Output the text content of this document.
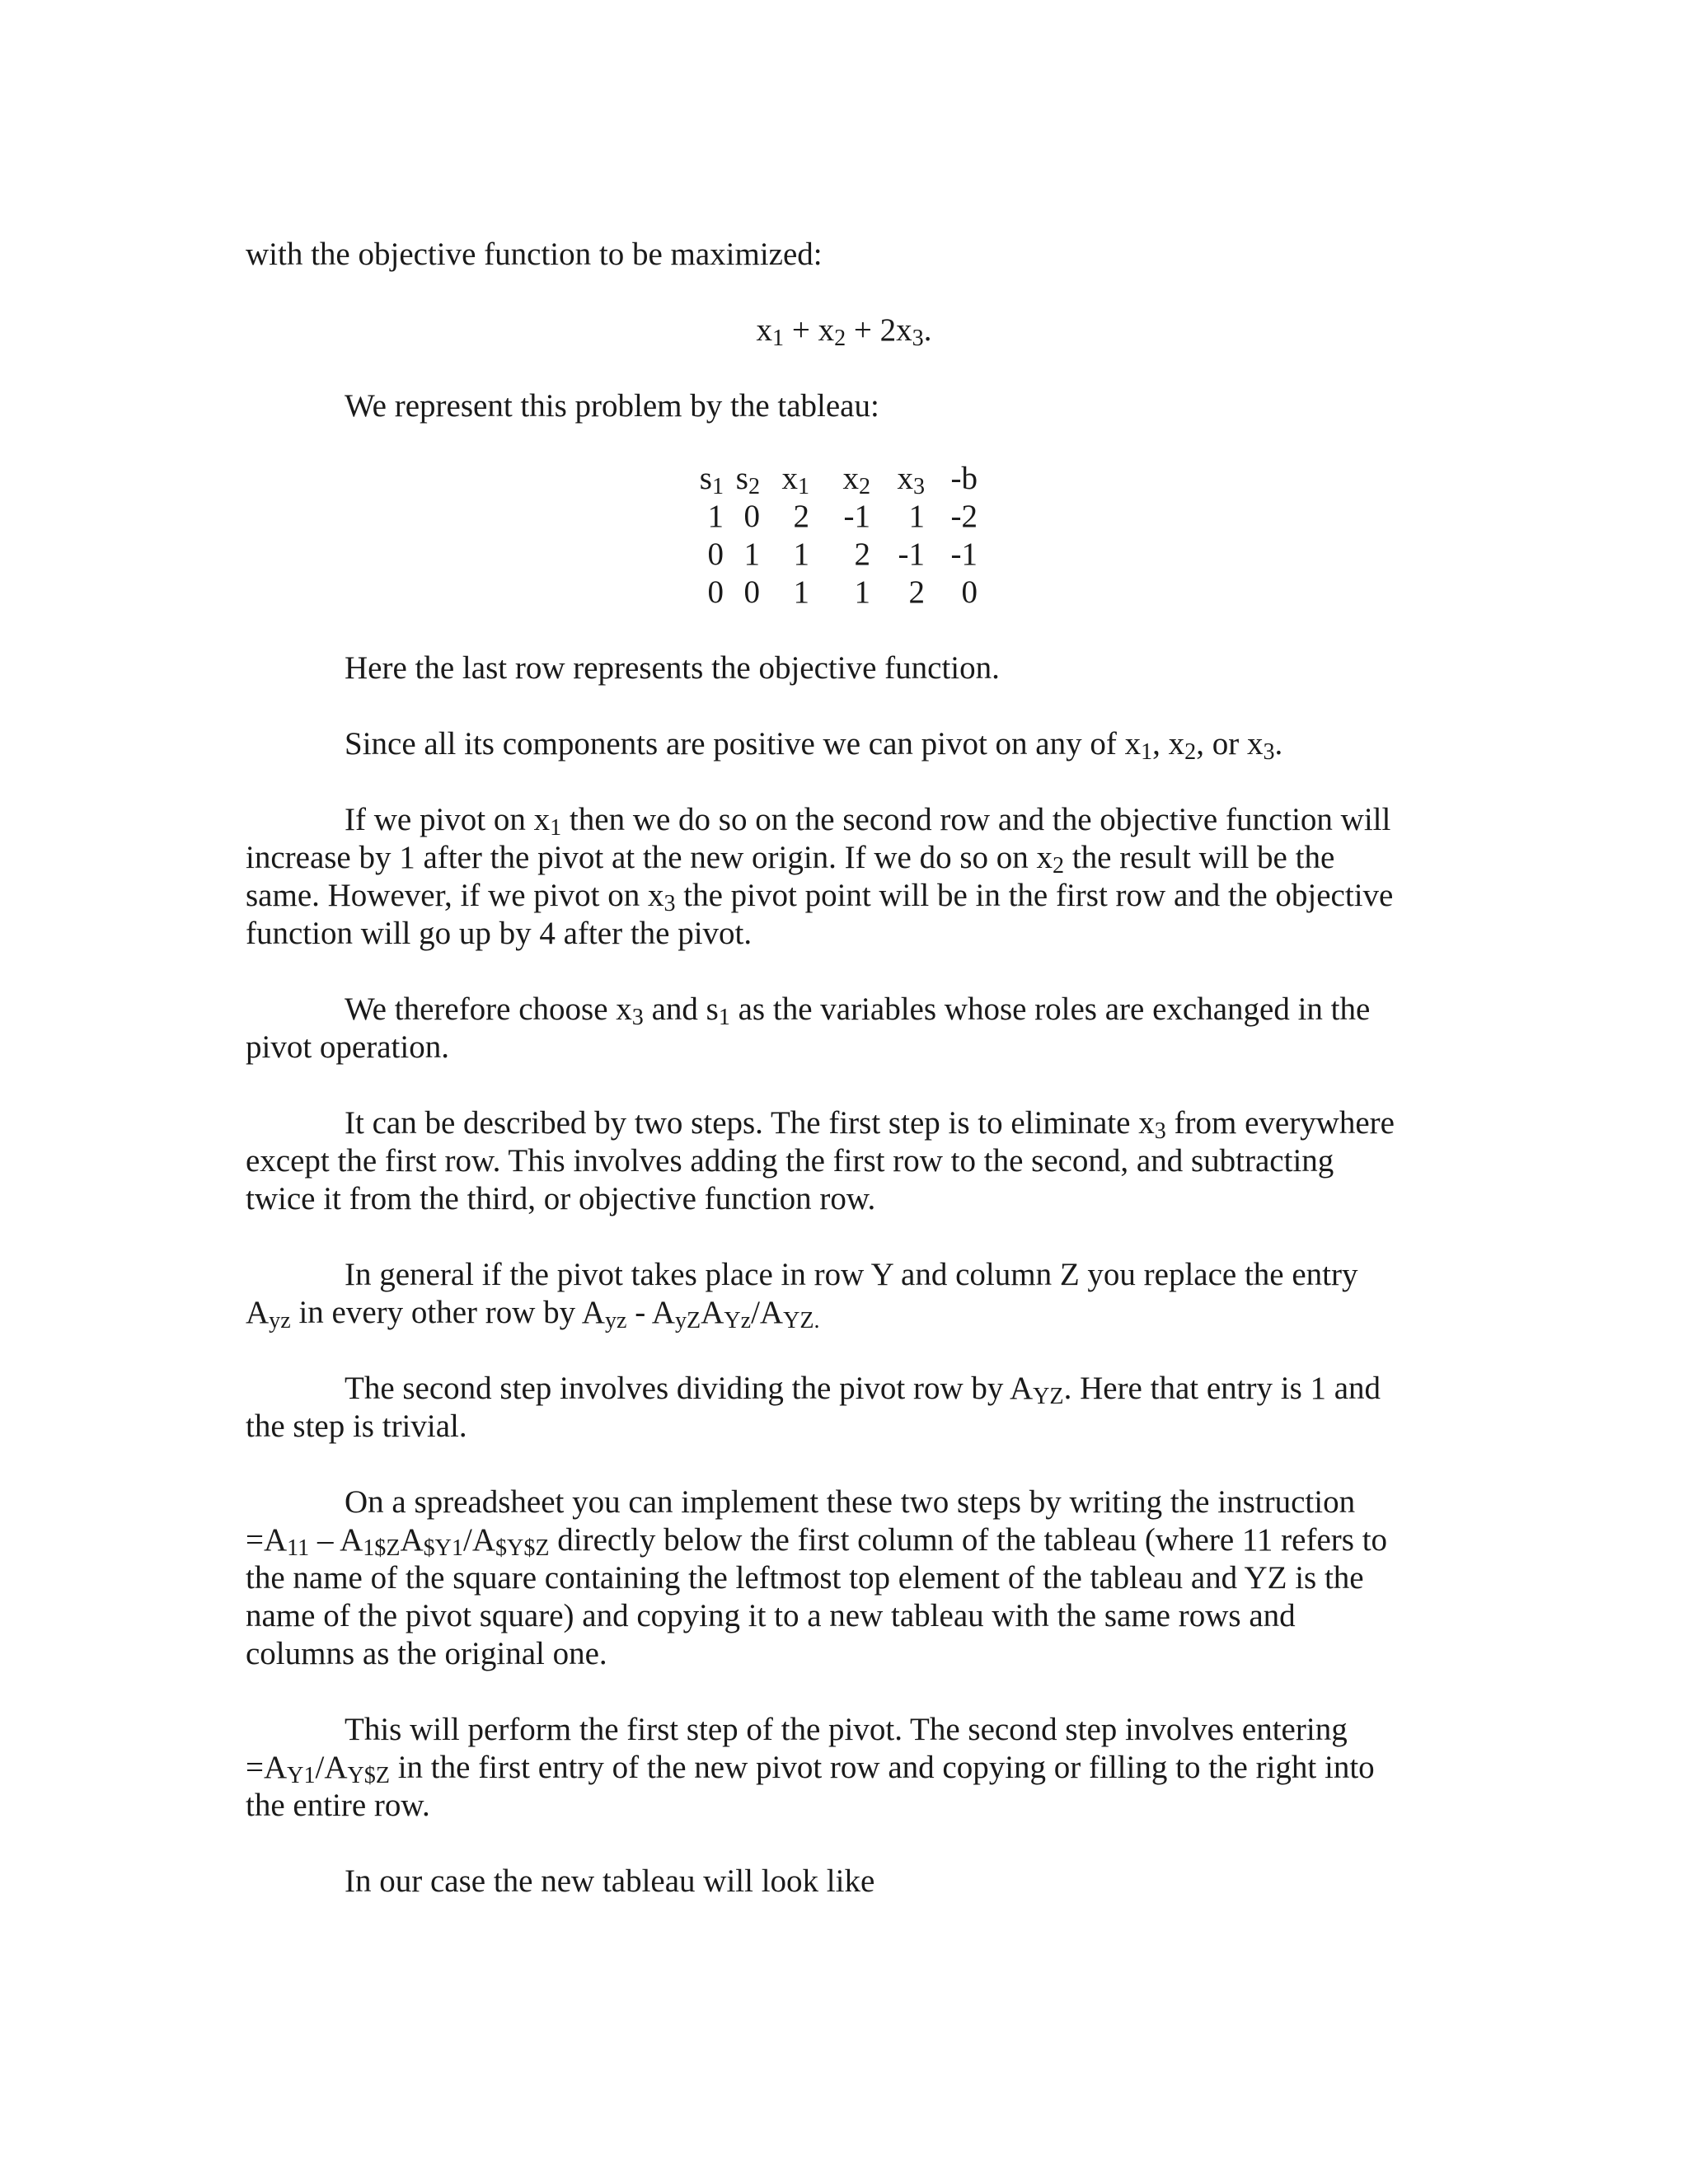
with the objective function to be maximized:
$x_1 + x_2 + 2x_3$.
We represent this problem by the tableau:
$s_1$ $s_2$ $x_1$	$x_2$ $x_3$ -b
1 0	2	-1	1 -2
0 1	1	2 -1 -1
0 0	1	1	2	0
Here the last row represents the objective function.
Since all its components are positive we can pivot on any of $x_1$, $x_2$, or $x_3$.
If we pivot on $x_1$ then we do so on the second row and the objective function will
increase by 1 after the pivot at the new origin. If we do so on $x_2$ the result will be the
same. However, if we pivot on $x_3$ the pivot point will be in the first row and the objective
function will go up by 4 after the pivot.
We therefore choose $x_3$ and $s_1$ as the variables whose roles are exchanged in the
pivot operation.
It can be described by two steps. The first step is to eliminate $x_3$ from everywhere
except the first row. This involves adding the first row to the second, and subtracting
twice it from the third, or objective function row.
In general if the pivot takes place in row Y and column Z you replace the entry
$A_{yz}$ in every other row by $A_{yz} - A_{yZ}A_{Yz}/A_{YZ.}$
The second step involves dividing the pivot row by $A_{YZ}$. Here that entry is 1 and
the step is trivial.
On a spreadsheet you can implement these two steps by writing the instruction
$=A_{11} - A_{1\$Z}A_{\$Y1}/A_{\$Y\$Z}$ directly below the first column of the tableau (where 11 refers to
the name of the square containing the leftmost top element of the tableau and YZ is the
name of the pivot square) and copying it to a new tableau with the same rows and
columns as the original one.
This will perform the first step of the pivot. The second step involves entering
$=A_{Y1}/A_{Y\$Z}$ in the first entry of the new pivot row and copying or filling to the right into
the entire row.
In our case the new tableau will look like
